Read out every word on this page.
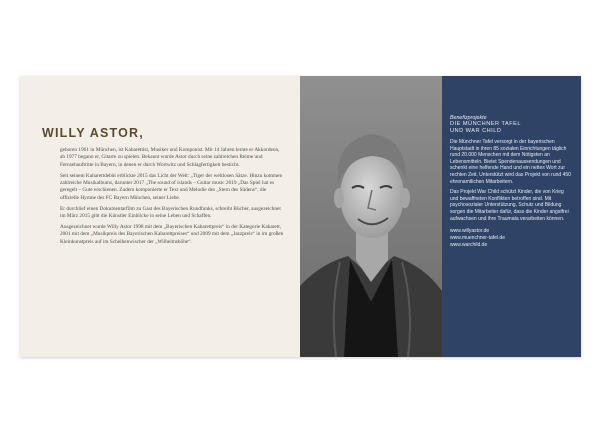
WILLY ASTOR,

geboren 1961 in München, ist Kabarettist, Musiker und Komponist. Mit 14 Jahren lernte er Akkordeon, ab 1977 begann er, Gitarre zu spielen. Bekannt wurde Astor durch seine zahlreichen Reime und Fernsehauftritte in Bayern, in denen er durch Wortwitz und Schlagfertigkeit besticht.

Seit seinem Kabarettdebüt erblickte 2015 das Licht der Welt: „Tiger der weltlosen Sätze. Hinzu kommen zahlreiche Musikalbums, darunter 2017 „The sound of islands – Guitar music 2019 „Das Spiel hat es geregelt – Gute erschienen. Zudem komponierte er Text und Melodie des „Stern des Südens“, die offizielle Hymne des FC Bayern München, seiner Liebe.

Er durchlief einen Dokumentarfilm zu Gast des Bayerischen Rundfunks, schreibt Bücher, ausgezeichnet im März 2015 gibt die Künstler Einblicke in seine Leben und Schaffen.

Ausgezeichnet wurde Willy Astor 1998 mit dem „Bayerischen Kabarettpreis“ in der Kategorie Kabarett, 2001 mit dem „Musikpreis des Bayerischen Kabarettpreises“ und 2009 mit dem „Jazzpreis“ in im großen Kleinkunstpreis auf im Scheibenwischer der „Wilhelmshöhe“.

Benefizprojekte
DIE MÜNCHNER TAFEL
UND WAR CHILD

Die Münchner Tafel versorgt in der bayerischen Hauptstadt in ihren 85 sozialen Einrichtungen täglich rund 20.000 Menschen mit dem Nötigsten an Lebensmitteln. Bietet Spendenaussendungen und schenkt eine helfende Hand und ein nettes Wort zur rechten Zeit. Unterstützt wird das Projekt von rund 450 ehrenamtlichen Mitarbeitern.

Das Projekt War Child schützt Kinder, die von Krieg und bewaffneten Konflikten betroffen sind. Mit psychosozialer Unterstützung, Schutz und Bildung sorgen die Mitarbeiter dafür, dass die Kinder angstfrei aufwachsen und ihre Traumata verarbeiten können.

www.willyastor.de
www.muenchner-tafel.de
www.warchild.de
